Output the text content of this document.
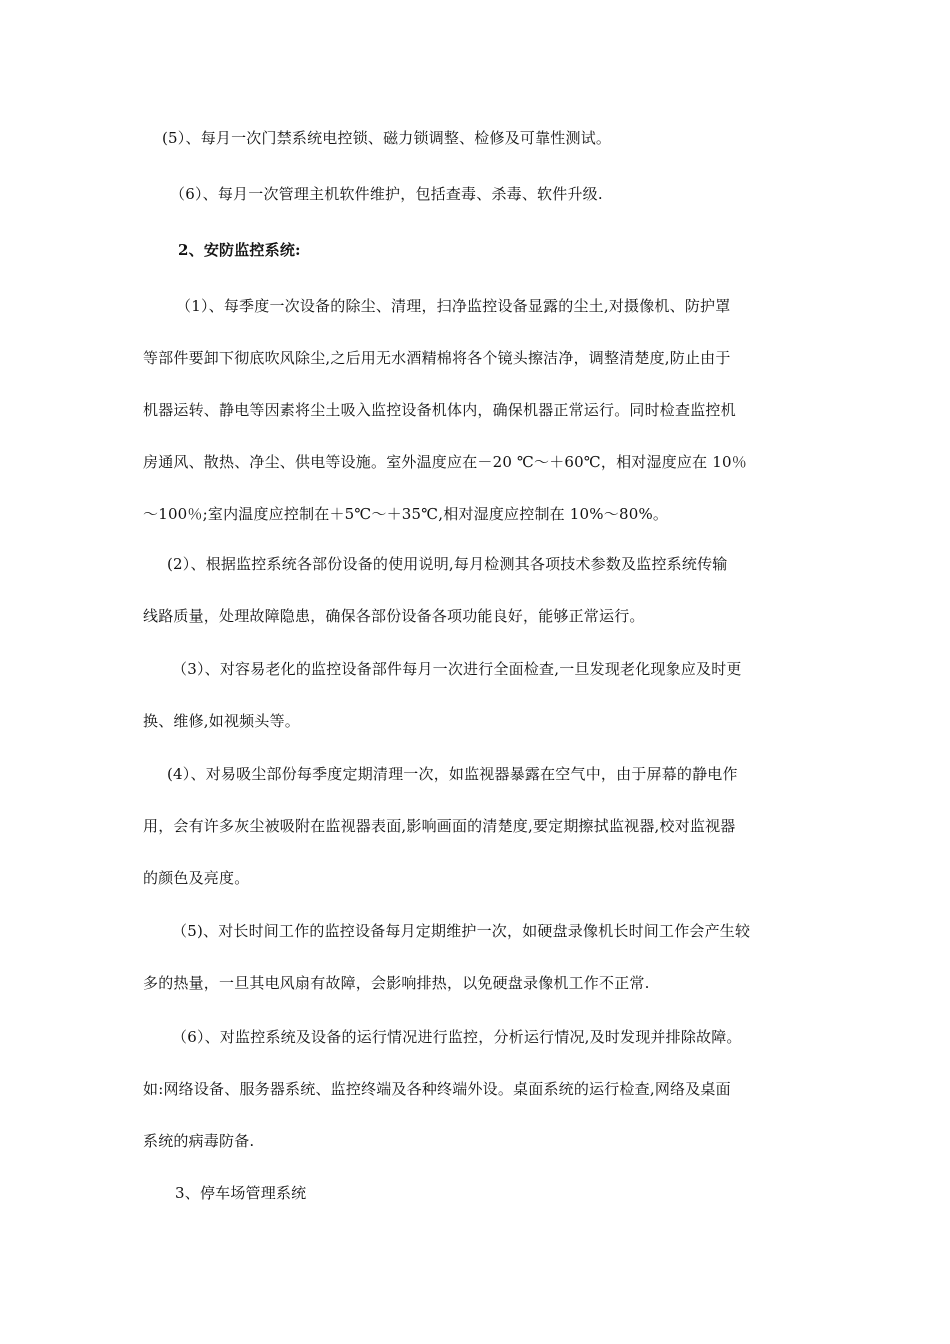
(5）、每月一次门禁系统电控锁、磁力锁调整、检修及可靠性测试。
（6）、每月一次管理主机软件维护，包括查毒、杀毒、软件升级.
2、安防监控系统:
（1）、每季度一次设备的除尘、清理，扫净监控设备显露的尘土,对摄像机、防护罩
等部件要卸下彻底吹风除尘,之后用无水酒精棉将各个镜头擦洁净，调整清楚度,防止由于
机器运转、静电等因素将尘土吸入监控设备机体内，确保机器正常运行。同时检查监控机
房通风、散热、净尘、供电等设施。室外温度应在－20 ℃～＋60℃，相对湿度应在 10％
～100％;室内温度应控制在＋5℃～＋35℃,相对湿度应控制在 10%～80%。
(2）、根据监控系统各部份设备的使用说明,每月检测其各项技术参数及监控系统传输
线路质量，处理故障隐患，确保各部份设备各项功能良好，能够正常运行。
（3）、对容易老化的监控设备部件每月一次进行全面检查,一旦发现老化现象应及时更
换、维修,如视频头等。
(4）、对易吸尘部份每季度定期清理一次，如监视器暴露在空气中，由于屏幕的静电作
用，会有许多灰尘被吸附在监视器表面,影响画面的清楚度,要定期擦拭监视器,校对监视器
的颜色及亮度。
（5)、对长时间工作的监控设备每月定期维护一次，如硬盘录像机长时间工作会产生较
多的热量，一旦其电风扇有故障，会影响排热，以免硬盘录像机工作不正常.
（6）、对监控系统及设备的运行情况进行监控，分析运行情况,及时发现并排除故障。
如:网络设备、服务器系统、监控终端及各种终端外设。桌面系统的运行检查,网络及桌面
系统的病毒防备.
3、停车场管理系统
